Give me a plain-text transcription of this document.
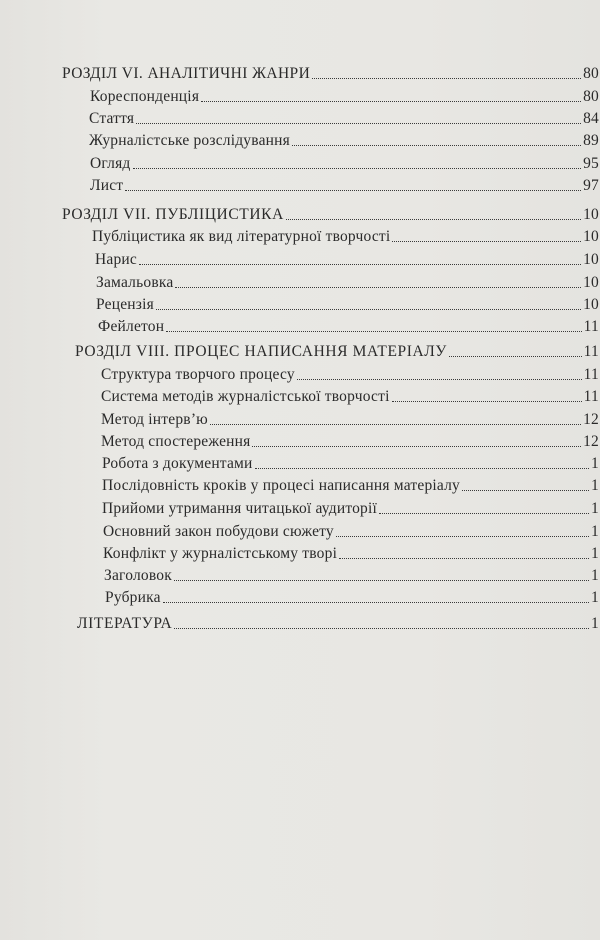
РОЗДІЛ VI. АНАЛІТИЧНІ ЖАНРИ	80
Кореспонденція	80
Стаття	84
Журналістське розслідування	89
Огляд	95
Лист	97
РОЗДІЛ VII. ПУБЛІЦИСТИКА	10
Публіцистика як вид літературної творчості	10
Нарис	10
Замальовка	10
Рецензія	10
Фейлетон	11
РОЗДІЛ VIII. ПРОЦЕС НАПИСАННЯ МАТЕРІАЛУ	11
Структура творчого процесу	11
Система методів журналістської творчості	11
Метод інтерв’ю	12
Метод спостереження	12
Робота з документами	1
Послідовність кроків у процесі написання матеріалу	1
Прийоми утримання читацької аудиторії	1
Основний закон побудови сюжету	1
Конфлікт у журналістському творі	1
Заголовок	1
Рубрика	1
ЛІТЕРАТУРА	1
